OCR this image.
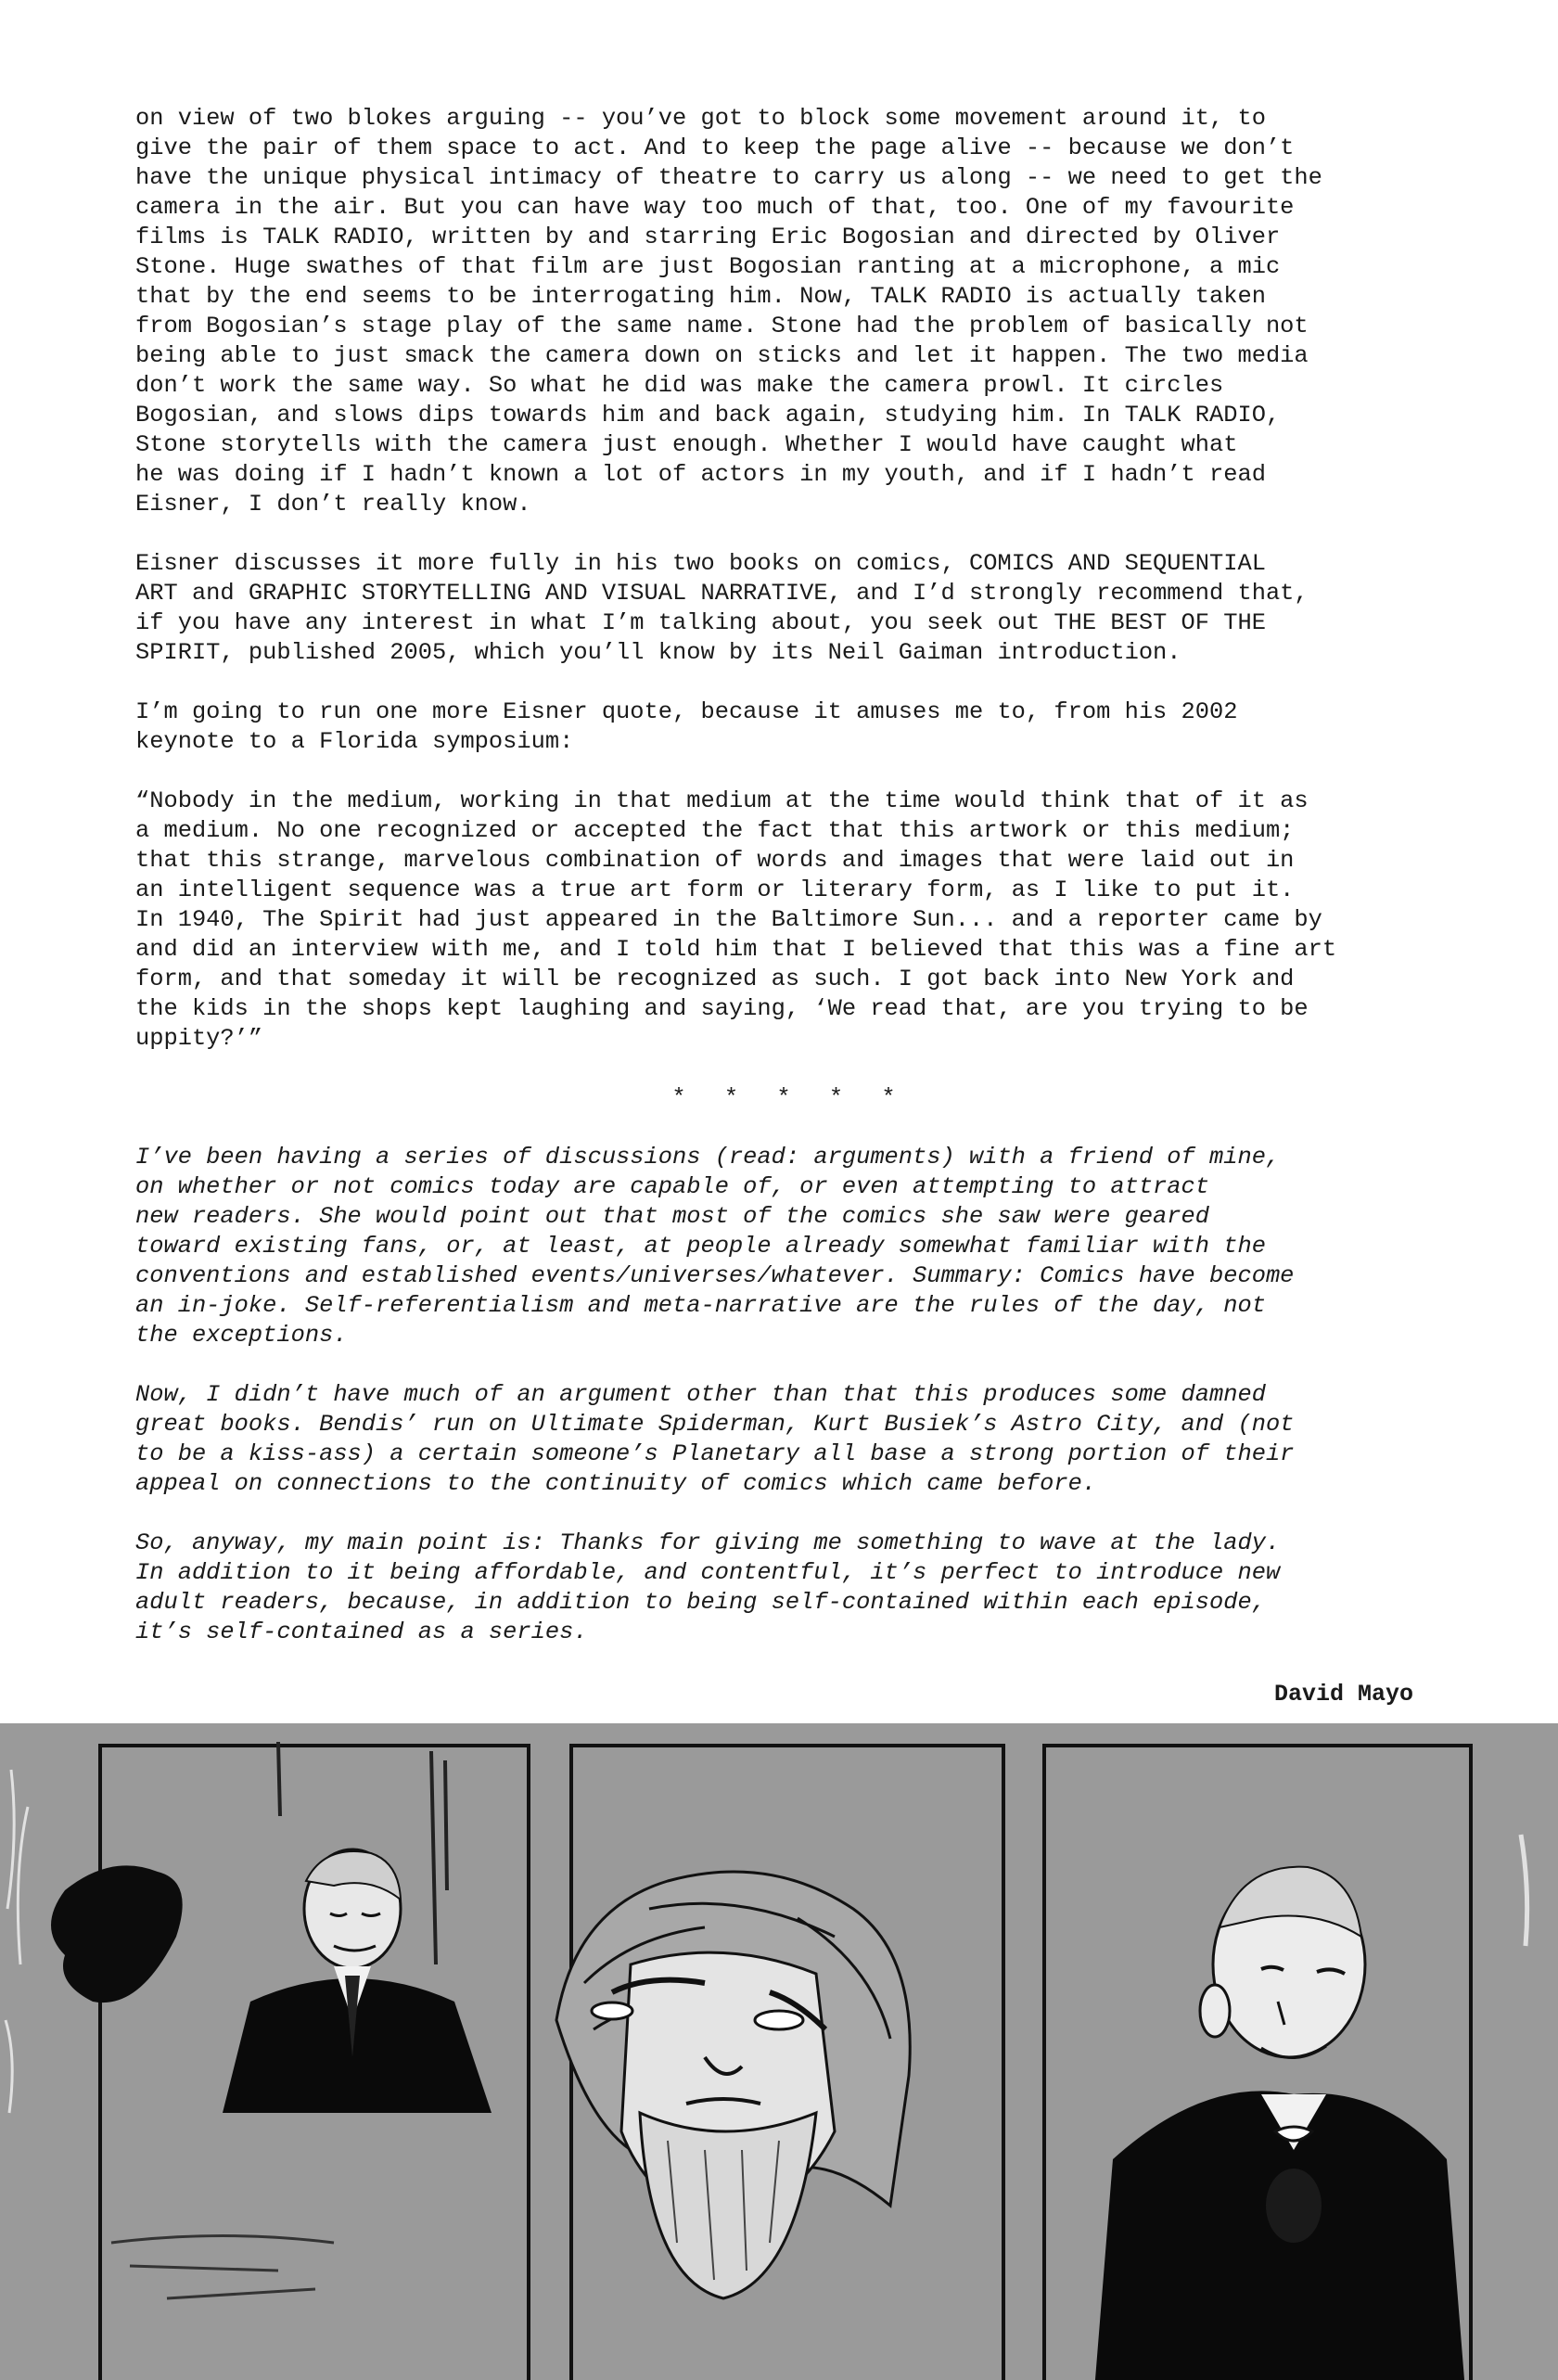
on view of two blokes arguing -- you’ve got to block some movement around it, to
give the pair of them space to act. And to keep the page alive -- because we don’t
have the unique physical intimacy of theatre to carry us along -- we need to get the
camera in the air. But you can have way too much of that, too. One of my favourite
films is TALK RADIO, written by and starring Eric Bogosian and directed by Oliver
Stone. Huge swathes of that film are just Bogosian ranting at a microphone, a mic
that by the end seems to be interrogating him. Now, TALK RADIO is actually taken
from Bogosian’s stage play of the same name. Stone had the problem of basically not
being able to just smack the camera down on sticks and let it happen. The two media
don’t work the same way. So what he did was make the camera prowl. It circles
Bogosian, and slows dips towards him and back again, studying him. In TALK RADIO,
Stone storytells with the camera just enough. Whether I would have caught what
he was doing if I hadn’t known a lot of actors in my youth, and if I hadn’t read
Eisner, I don’t really know.

Eisner discusses it more fully in his two books on comics, COMICS AND SEQUENTIAL
ART and GRAPHIC STORYTELLING AND VISUAL NARRATIVE, and I’d strongly recommend that,
if you have any interest in what I’m talking about, you seek out THE BEST OF THE
SPIRIT, published 2005, which you’ll know by its Neil Gaiman introduction.

I’m going to run one more Eisner quote, because it amuses me to, from his 2002
keynote to a Florida symposium:

“Nobody in the medium, working in that medium at the time would think that of it as
a medium. No one recognized or accepted the fact that this artwork or this medium;
that this strange, marvelous combination of words and images that were laid out in
an intelligent sequence was a true art form or literary form, as I like to put it.
In 1940, The Spirit had just appeared in the Baltimore Sun... and a reporter came by
and did an interview with me, and I told him that I believed that this was a fine art
form, and that someday it will be recognized as such. I got back into New York and
the kids in the shops kept laughing and saying, ‘We read that, are you trying to be
uppity?’”

* * * * *

I’ve been having a series of discussions (read: arguments) with a friend of mine,
on whether or not comics today are capable of, or even attempting to attract
new readers. She would point out that most of the comics she saw were geared
toward existing fans, or, at least, at people already somewhat familiar with the
conventions and established events/universes/whatever. Summary: Comics have become
an in-joke. Self-referentialism and meta-narrative are the rules of the day, not
the exceptions.

Now, I didn’t have much of an argument other than that this produces some damned
great books. Bendis’ run on Ultimate Spiderman, Kurt Busiek’s Astro City, and (not
to be a kiss-ass) a certain someone’s Planetary all base a strong portion of their
appeal on connections to the continuity of comics which came before.

So, anyway, my main point is: Thanks for giving me something to wave at the lady.
In addition to it being affordable, and contentful, it’s perfect to introduce new
adult readers, because, in addition to being self-contained within each episode,
it’s self-contained as a series.

David Mayo
